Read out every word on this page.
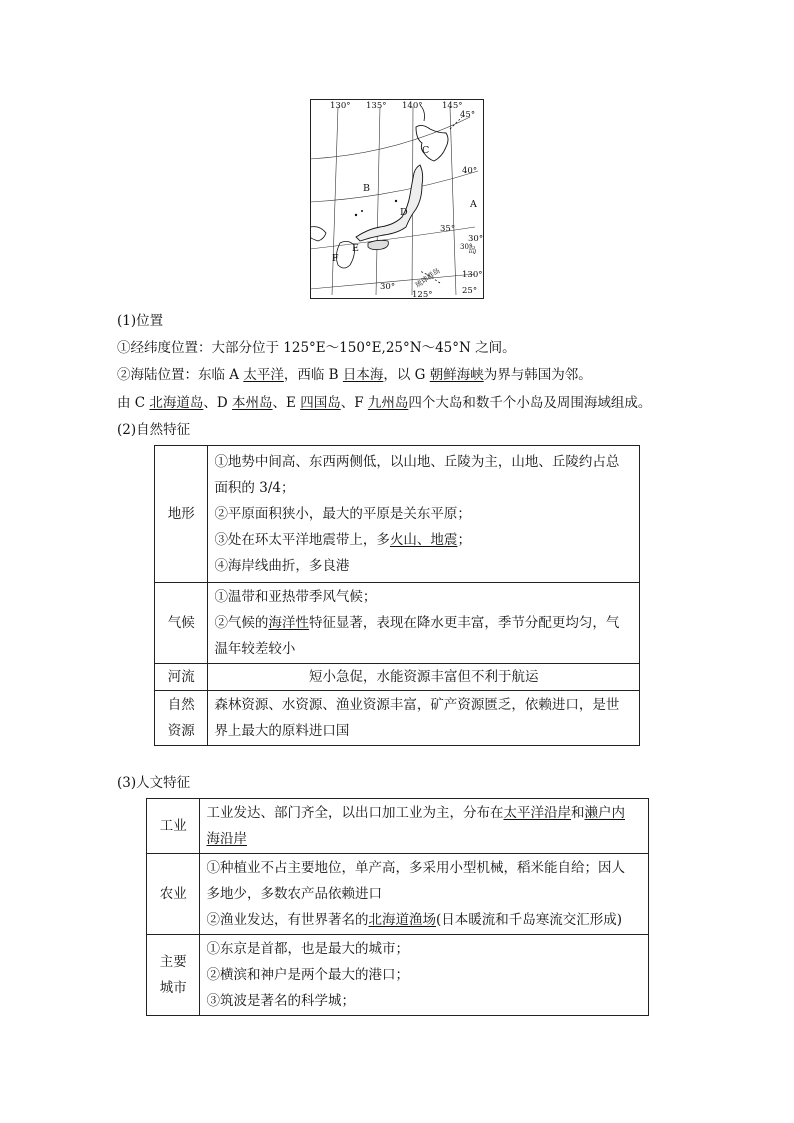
130° 135° 140° 145°
45°
40°
35°
30°
岛
130°
30°
125°	25°
30°
A
B
C
D
E
F
琉球群岛
(1)位置
①经纬度位置：大部分位于 125°E～150°E,25°N～45°N 之间。
②海陆位置：东临 A 太平洋，西临 B 日本海，以 G 朝鲜海峡为界与韩国为邻。
由 C 北海道岛、D 本州岛、E 四国岛、F 九州岛四个大岛和数千个小岛及周围海域组成。
(2)自然特征
地形	①地势中间高、东西两侧低，以山地、丘陵为主，山地、丘陵约占总
面积的 3/4；
②平原面积狭小，最大的平原是关东平原；
③处在环太平洋地震带上，多火山、地震；
④海岸线曲折，多良港

气候	①温带和亚热带季风气候；
②气候的海洋性特征显著，表现在降水更丰富，季节分配更均匀，气
温年较差较小

河流	短小急促，水能资源丰富但不利于航运

自然
资源	森林资源、水资源、渔业资源丰富，矿产资源匮乏，依赖进口，是世
界上最大的原料进口国
(3)人文特征
工业	工业发达、部门齐全，以出口加工业为主，分布在太平洋沿岸和濑户内
海沿岸

农业	①种植业不占主要地位，单产高，多采用小型机械，稻米能自给；因人
多地少，多数农产品依赖进口
②渔业发达，有世界著名的北海道渔场(日本暖流和千岛寒流交汇形成)

主要
城市	①东京是首都，也是最大的城市；
②横滨和神户是两个最大的港口；
③筑波是著名的科学城；
